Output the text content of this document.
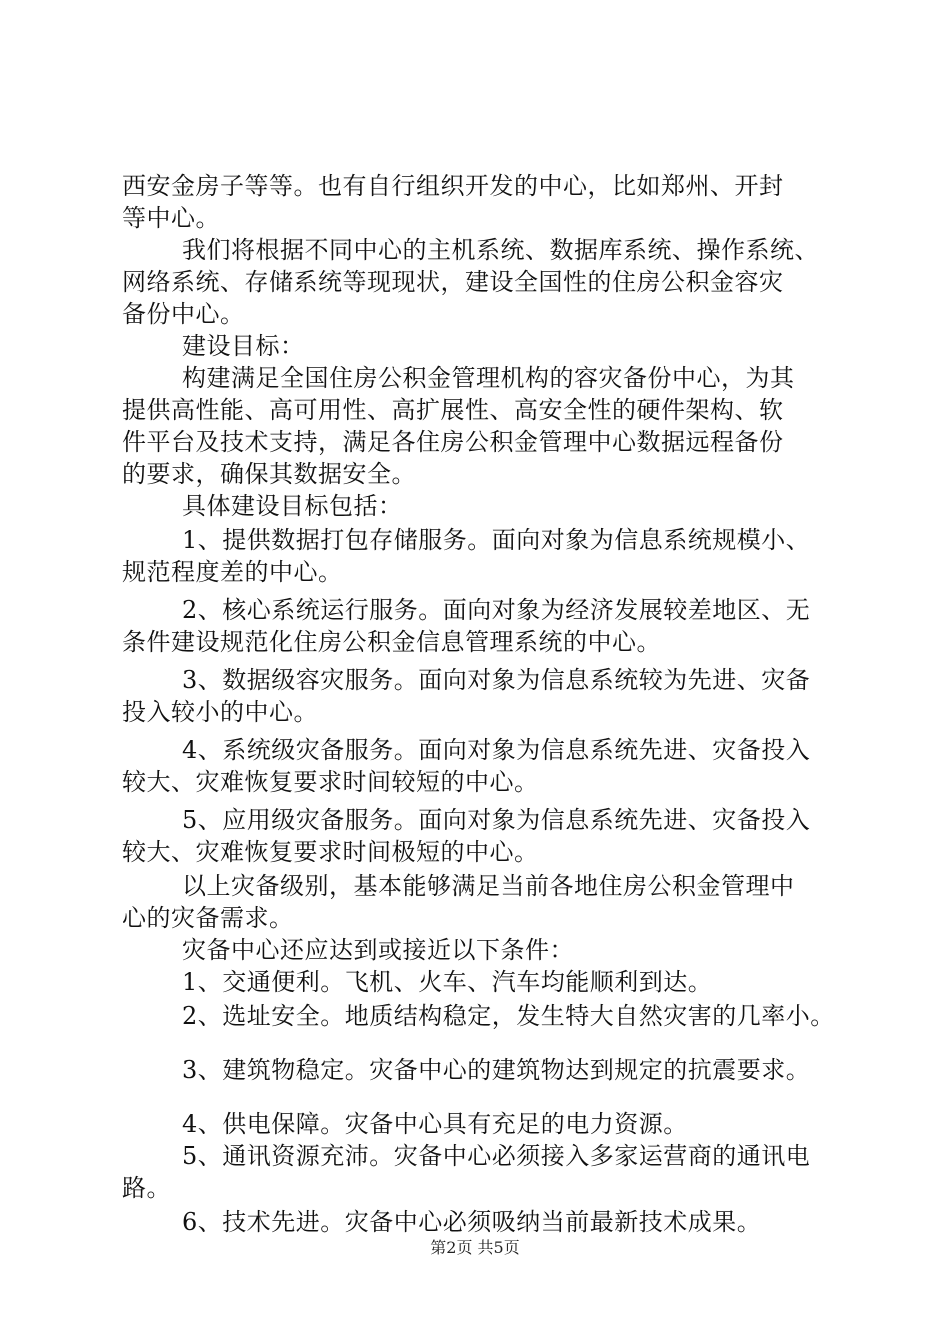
西安金房子等等。也有自行组织开发的中心，比如郑州、开封
等中心。
我们将根据不同中心的主机系统、数据库系统、操作系统、
网络系统、存储系统等现现状，建设全国性的住房公积金容灾
备份中心。
建设目标：
构建满足全国住房公积金管理机构的容灾备份中心，为其
提供高性能、高可用性、高扩展性、高安全性的硬件架构、软
件平台及技术支持，满足各住房公积金管理中心数据远程备份
的要求，确保其数据安全。
具体建设目标包括：
1、提供数据打包存储服务。面向对象为信息系统规模小、
规范程度差的中心。
2、核心系统运行服务。面向对象为经济发展较差地区、无
条件建设规范化住房公积金信息管理系统的中心。
3、数据级容灾服务。面向对象为信息系统较为先进、灾备
投入较小的中心。
4、系统级灾备服务。面向对象为信息系统先进、灾备投入
较大、灾难恢复要求时间较短的中心。
5、应用级灾备服务。面向对象为信息系统先进、灾备投入
较大、灾难恢复要求时间极短的中心。
以上灾备级别，基本能够满足当前各地住房公积金管理中
心的灾备需求。
灾备中心还应达到或接近以下条件：
1、交通便利。飞机、火车、汽车均能顺利到达。
2、选址安全。地质结构稳定，发生特大自然灾害的几率小。
3、建筑物稳定。灾备中心的建筑物达到规定的抗震要求。
4、供电保障。灾备中心具有充足的电力资源。
5、通讯资源充沛。灾备中心必须接入多家运营商的通讯电
路。
6、技术先进。灾备中心必须吸纳当前最新技术成果。
第2页 共5页
